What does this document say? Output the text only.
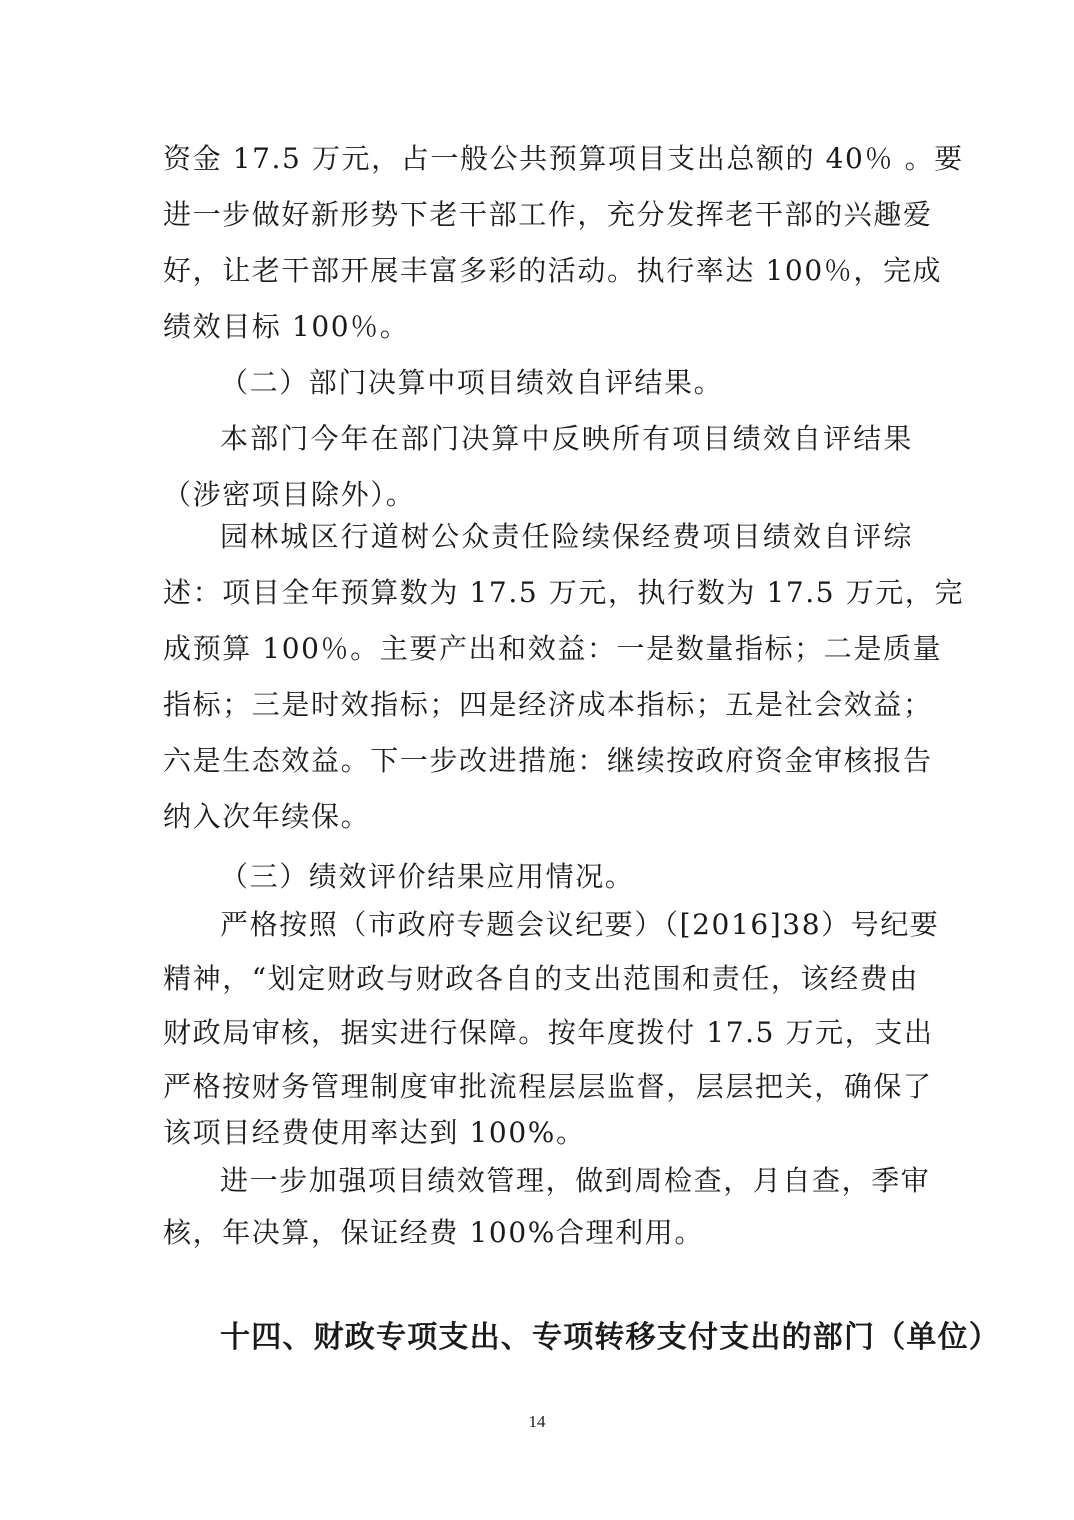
资金 17.5 万元，占一般公共预算项目支出总额的 40％ 。要
进一步做好新形势下老干部工作，充分发挥老干部的兴趣爱
好，让老干部开展丰富多彩的活动。执行率达 100％，完成
绩效目标 100％。
（二）部门决算中项目绩效自评结果。
本部门今年在部门决算中反映所有项目绩效自评结果
（涉密项目除外）。
园林城区行道树公众责任险续保经费项目绩效自评综
述：项目全年预算数为 17.5 万元，执行数为 17.5 万元，完
成预算 100％。主要产出和效益：一是数量指标；二是质量
指标；三是时效指标；四是经济成本指标；五是社会效益；
六是生态效益。下一步改进措施：继续按政府资金审核报告
纳入次年续保。
（三）绩效评价结果应用情况。
严格按照（市政府专题会议纪要）（[2016]38）号纪要
精神，“划定财政与财政各自的支出范围和责任，该经费由
财政局审核，据实进行保障。按年度拨付 17.5 万元，支出
严格按财务管理制度审批流程层层监督，层层把关，确保了
该项目经费使用率达到 100%。
进一步加强项目绩效管理，做到周检查，月自查，季审
核，年决算，保证经费 100%合理利用。
十四、财政专项支出、专项转移支付支出的部门（单位）
14
